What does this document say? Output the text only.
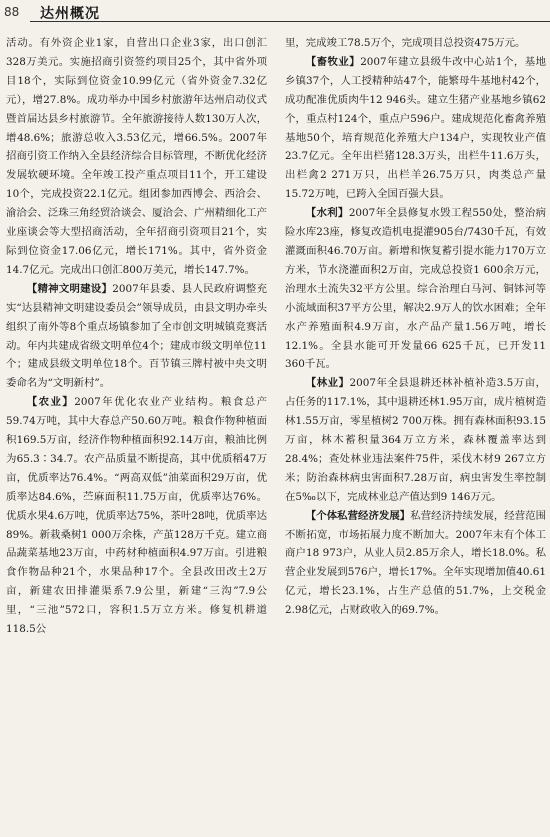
88 达州概况

活动。有外资企业1家，自营出口企业3家，出口创汇328万美元。实施招商引资签约项目25个，其中省外项目18个，实际到位资金10.99亿元（省外资金7.32亿元），增27.8%。成功举办中国乡村旅游年达州启动仪式暨首届达县乡村旅游节。全年旅游接待人数130万人次，增48.6%；旅游总收入3.53亿元，增66.5%。2007年招商引资工作纳入全县经济综合目标管理，不断优化经济发展软硬环境。全年竣工投产重点项目11个，开工建设10个，完成投资22.1亿元。组团参加西博会、西洽会、渝洽会、泛珠三角经贸洽谈会、厦洽会、广州精细化工产业座谈会等大型招商活动，全年招商引资项目21个，实际到位资金17.06亿元，增长171%。其中，省外资金14.7亿元。完成出口创汇800万美元，增长147.7%。

【精神文明建设】2007年县委、县人民政府调整充实“达县精神文明建设委员会”领导成员，由县文明办牵头组织了南外等8个重点场镇参加了全市创文明城镇竞赛活动。年内共建成省级文明单位4个；建成市级文明单位11个；建成县级文明单位18个。百节镇三牌村被中央文明委命名为“文明新村”。

【农业】2007年优化农业产业结构。粮食总产59.74万吨，其中大春总产50.60万吨。粮食作物种植面积169.5万亩，经济作物种植面积92.14万亩，粮油比例为65.3∶34.7。农产品质量不断提高，其中优质稻47万亩，优质率达76.4%。“两高双低”油菜面积29万亩，优质率达84.6%，苎麻面积11.75万亩，优质率达76%。优质水果4.6万吨，优质率达75%，茶叶28吨，优质率达89%。新栽桑树1 000万余株，产茧128万千克。建立商品蔬菜基地23万亩，中药材种植面积4.97万亩。引进粮食作物品种21个，水果品种17个。全县改田改土2万亩，新建农田排灌渠系7.9公里，新建“三沟”7.9公里，“三池”572口，容积1.5万立方米。修复机耕道118.5公

里，完成竣工78.5万个，完成项目总投资475万元。

【畜牧业】2007年建立县级牛改中心站1个，基地乡镇37个，人工授精种站47个，能繁母牛基地村42个，成功配准优质肉牛12 946头。建立生猪产业基地乡镇62个，重点村124个，重点户596户。建成规范化畜禽养殖基地50个，培育规范化养殖大户134户，实现牧业产值23.7亿元。全年出栏猪128.3万头，出栏牛11.6万头，出栏禽2 271万只，出栏羊26.75万只，肉类总产量15.72万吨，已跨入全国百强大县。

【水利】2007年全县修复水毁工程550处，整治病险水库23座，修复改造机电提灌905台/7430千瓦，有效灌溉面积46.70万亩。新增和恢复蓄引提水能力170万立方米，节水浇灌面积2万亩，完成总投资1 600余万元，治理水土流失32平方公里。综合治理白马河、铜钵河等小流域面积37平方公里，解决2.9万人的饮水困难；全年水产养殖面积4.9万亩，水产品产量1.56万吨，增长12.1%。全县水能可开发量66 625千瓦，已开发11 360千瓦。

【林业】2007年全县退耕还林补植补造3.5万亩，占任务的117.1%，其中退耕还林1.95万亩，成片植树造林1.55万亩，零星植树2 700万株。拥有森林面积93.15万亩，林木蓄积量364万立方米，森林覆盖率达到28.4%；查处林业违法案件75件，采伐木材9 267立方米；防治森林病虫害面积7.28万亩，病虫害发生率控制在5‰以下，完成林业总产值达到9 146万元。

【个体私营经济发展】私营经济持续发展，经营范围不断拓宽，市场拓展力度不断加大。2007年末有个体工商户18 973户，从业人员2.85万余人，增长18.0%。私营企业发展到576户，增长17%。全年实现增加值40.61亿元，增长23.1%，占生产总值的51.7%，上交税金2.98亿元，占财政收入的69.7%。
